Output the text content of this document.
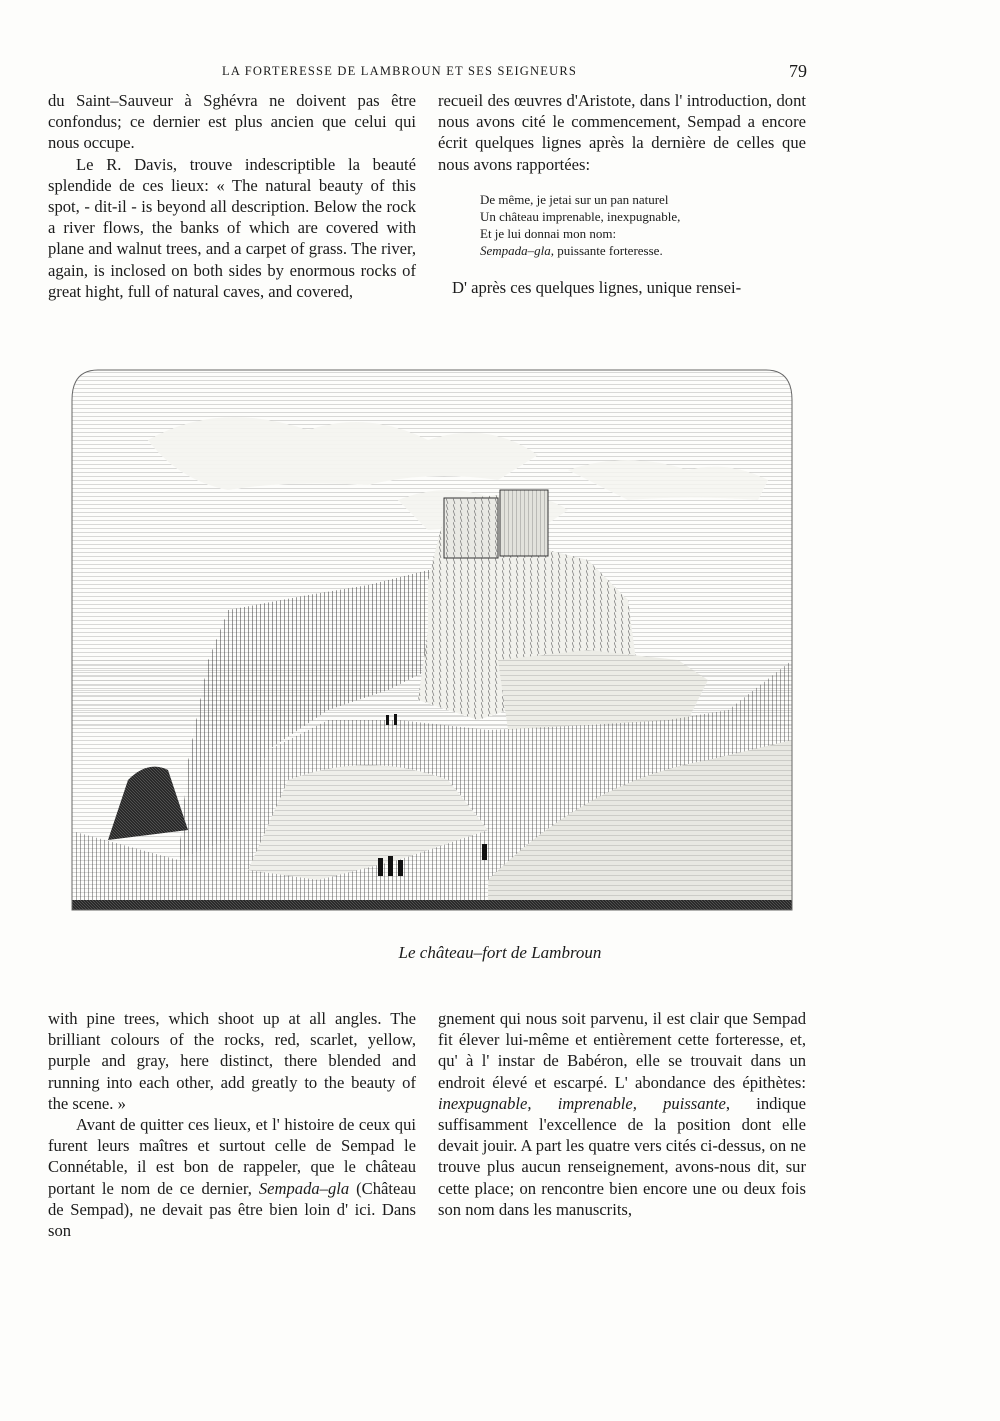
LA FORTERESSE DE LAMBROUN ET SES SEIGNEURS	79

du Saint–Sauveur à Sghévra ne doivent pas être confondus; ce dernier est plus ancien que celui qui nous occupe.

Le R. Davis, trouve indescriptible la beauté splendide de ces lieux: « The natural beauty of this spot, - dit-il - is beyond all description. Below the rock a river flows, the banks of which are covered with plane and walnut trees, and a carpet of grass. The river, again, is inclosed on both sides by enormous rocks of great hight, full of natural caves, and covered,

recueil des œuvres d'Aristote, dans l' introduction, dont nous avons cité le commencement, Sempad a encore écrit quelques lignes après la dernière de celles que nous avons rapportées:

De même, je jetai sur un pan naturel
Un château imprenable, inexpugnable,
Et je lui donnai mon nom:
Sempada–gla, puissante forteresse.

D' après ces quelques lignes, unique rensei-

Le château–fort de Lambroun

with pine trees, which shoot up at all angles. The brilliant colours of the rocks, red, scarlet, yellow, purple and gray, here distinct, there blended and running into each other, add greatly to the beauty of the scene. »

Avant de quitter ces lieux, et l' histoire de ceux qui furent leurs maîtres et surtout celle de Sempad le Connétable, il est bon de rappeler, que le château portant le nom de ce dernier, Sempada–gla (Château de Sempad), ne devait pas être bien loin d' ici. Dans son

gnement qui nous soit parvenu, il est clair que Sempad fit élever lui-même et entièrement cette forteresse, et, qu' à l' instar de Babéron, elle se trouvait dans un endroit élevé et escarpé. L' abondance des épithètes: inexpugnable, imprenable, puissante, indique suffisamment l'excellence de la position dont elle devait jouir. A part les quatre vers cités ci-dessus, on ne trouve plus aucun renseignement, avons-nous dit, sur cette place; on rencontre bien encore une ou deux fois son nom dans les manuscrits,
